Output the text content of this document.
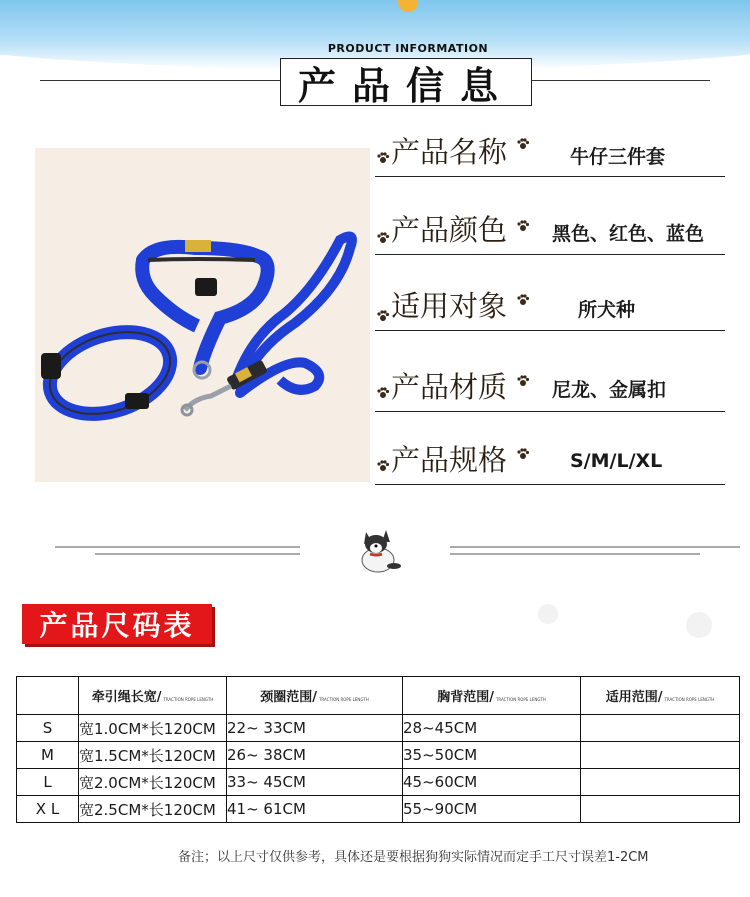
PRODUCT INFORMATION
产品信息
产品名称	牛仔三件套
产品颜色 黑色、红色、蓝色
适用对象	所犬种
产品材质 尼龙、金属扣
产品规格	S/M/L/XL
产品尺码表
	牵引绳长宽/ TRACTION ROPE LENGTH	颈圈范围/ TRACTION ROPE LENGTH	胸背范围/ TRACTION ROPE LENGTH	适用范围/ TRACTION ROPE LENGTH
S	宽1.0CM*长120CM	22~ 33CM	28~45CM	
M	宽1.5CM*长120CM	26~ 38CM	35~50CM	
L	宽2.0CM*长120CM	33~ 45CM	45~60CM	
X L	宽2.5CM*长120CM	41~ 61CM	55~90CM	
备注；以上尺寸仅供参考，具体还是要根据狗狗实际情况而定手工尺寸误差1-2CM
